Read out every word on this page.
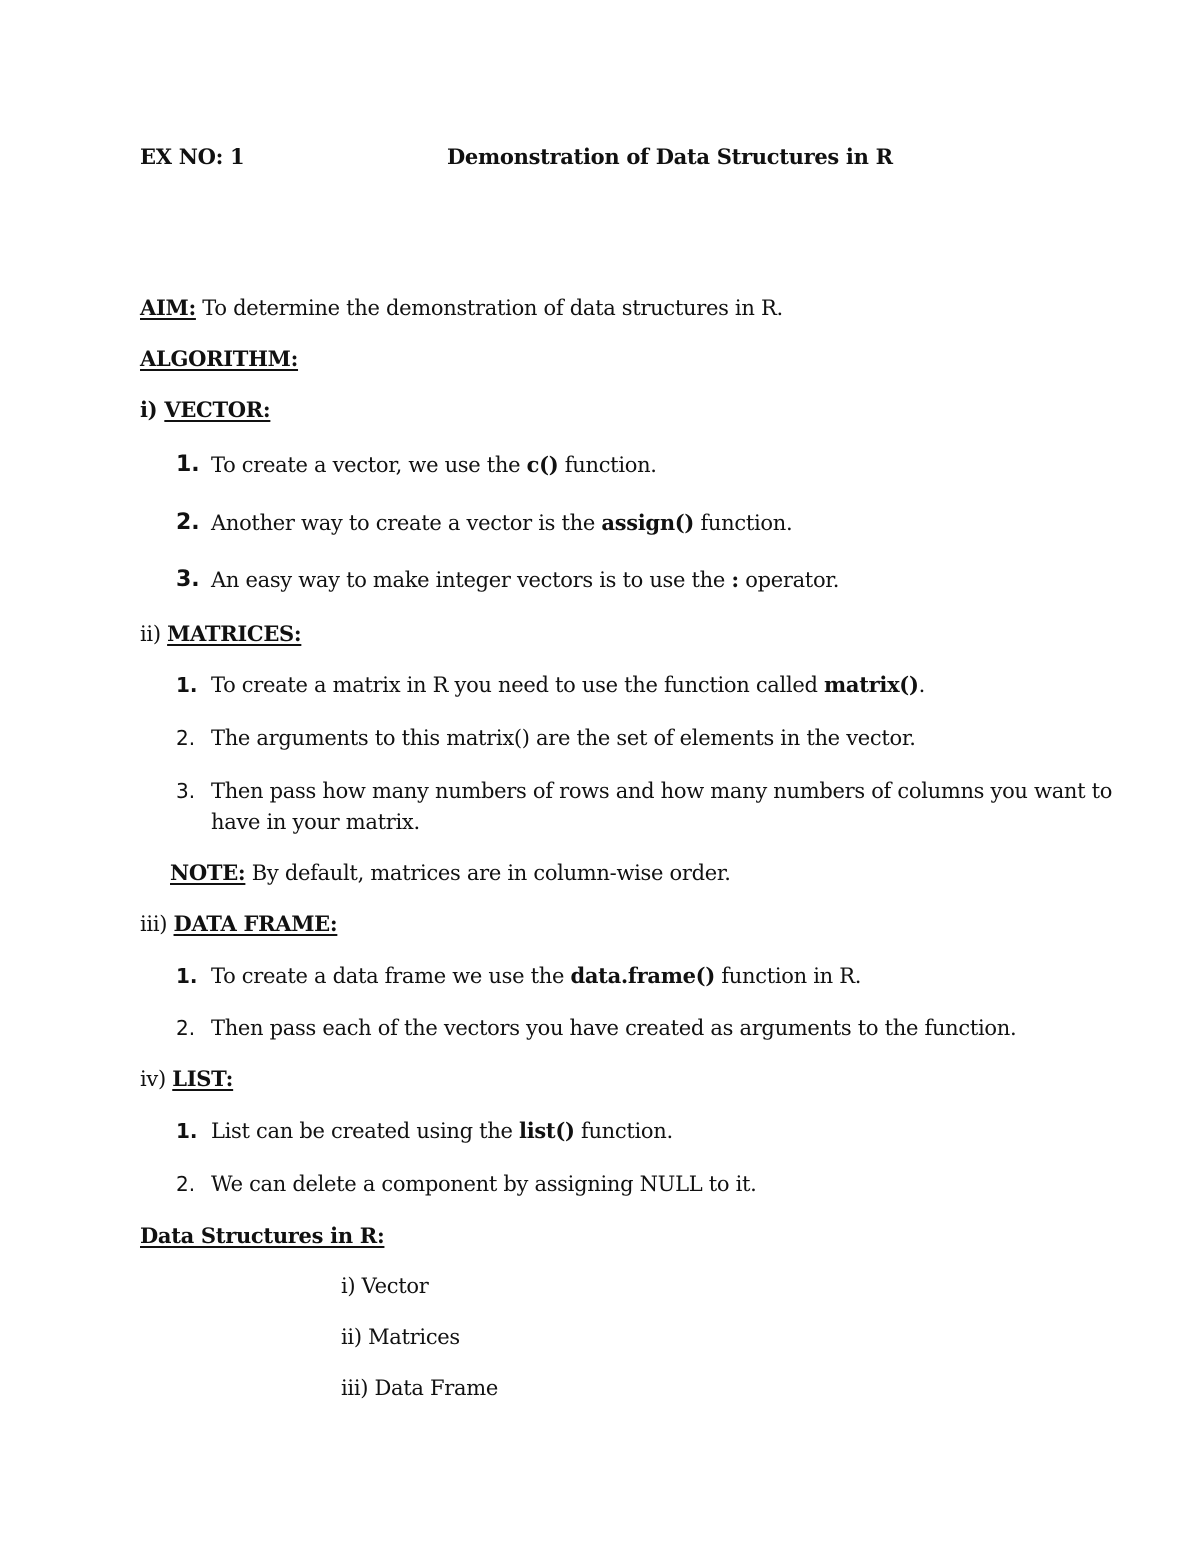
EX NO: 1	Demonstration of Data Structures in R
AIM: To determine the demonstration of data structures in R.
ALGORITHM:
i) VECTOR:
1. To create a vector, we use the c() function.
2. Another way to create a vector is the assign() function.
3. An easy way to make integer vectors is to use the : operator.
ii) MATRICES:
1. To create a matrix in R you need to use the function called matrix().
2. The arguments to this matrix() are the set of elements in the vector.
3. Then pass how many numbers of rows and how many numbers of columns you want to
have in your matrix.
NOTE: By default, matrices are in column-wise order.
iii) DATA FRAME:
1. To create a data frame we use the data.frame() function in R.
2. Then pass each of the vectors you have created as arguments to the function.
iv) LIST:
1. List can be created using the list() function.
2. We can delete a component by assigning NULL to it.
Data Structures in R:
i) Vector
ii) Matrices
iii) Data Frame
